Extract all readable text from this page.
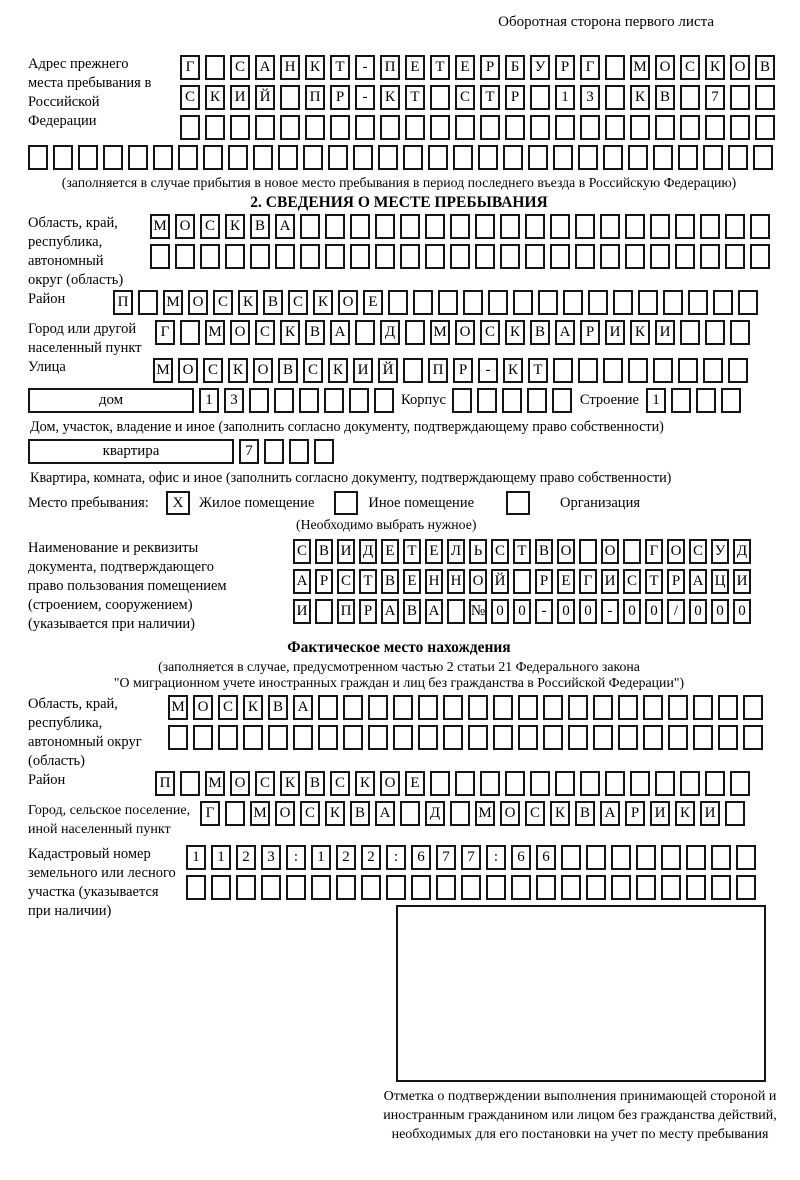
Оборотная сторона первого листа
Адрес прежнего места пребывания в Российской Федерации
Г	С А Н К	Т	-	П Е	Т	Е	Р	Б	У	Р	Г	М О С К О В
С К И Й	П	Р	-	К	Т	С	Т	Р	1	3	К В	7
(заполняется в случае прибытия в новое место пребывания в период последнего въезда в Российскую Федерацию)
2. СВЕДЕНИЯ О МЕСТЕ ПРЕБЫВАНИЯ
Область, край, республика, автономный округ (область)
М О С К В А
Район	П	М О С К В С К О Е
Город или другой населенный пункт
Г	М О С К В А	Д	М О С К В А	Р	И К И
Улица	М О С К О В С К И Й	П	Р	-	К	Т
дом	1	3	Корпус	Строение 1
Дом, участок, владение и иное (заполнить согласно документу, подтверждающему право собственности)
квартира	7
Квартира, комната, офис и иное (заполнить согласно документу, подтверждающему право собственности)
Место пребывания:	X	Жилое помещение	Иное помещение	Организация
(Необходимо выбрать нужное)
Наименование и реквизиты документа, подтверждающего право пользования помещением (строением, сооружением) (указывается при наличии)
С В И Д Е Т Е Л Ь С Т В О О	Г О С У Д
А Р С Т В Е Н Н О Й	Р Е Г И С Т Р А Ц И
И П Р А В А № 0 0	-	0 0	-	0 0	/	0 0 0
Фактическое место нахождения
(заполняется в случае, предусмотренном частью 2 статьи 21 Федерального закона
"О миграционном учете иностранных граждан и лиц без гражданства в Российской Федерации")
Область, край, республика, автономный округ (область)
М О С К В А
Район	П	М О С К В С К О Е
Город, сельское поселение, иной населенный пункт
Г	М О С К В А	Д	М О С К В А	Р	И К И
Кадастровый номер земельного или лесного участка (указывается при наличии)
1	1	2	3	:	1	2	2	:	6	7	7	:	6	6
Отметка о подтверждении выполнения принимающей стороной и иностранным гражданином или лицом без гражданства действий, необходимых для его постановки на учет по месту пребывания
